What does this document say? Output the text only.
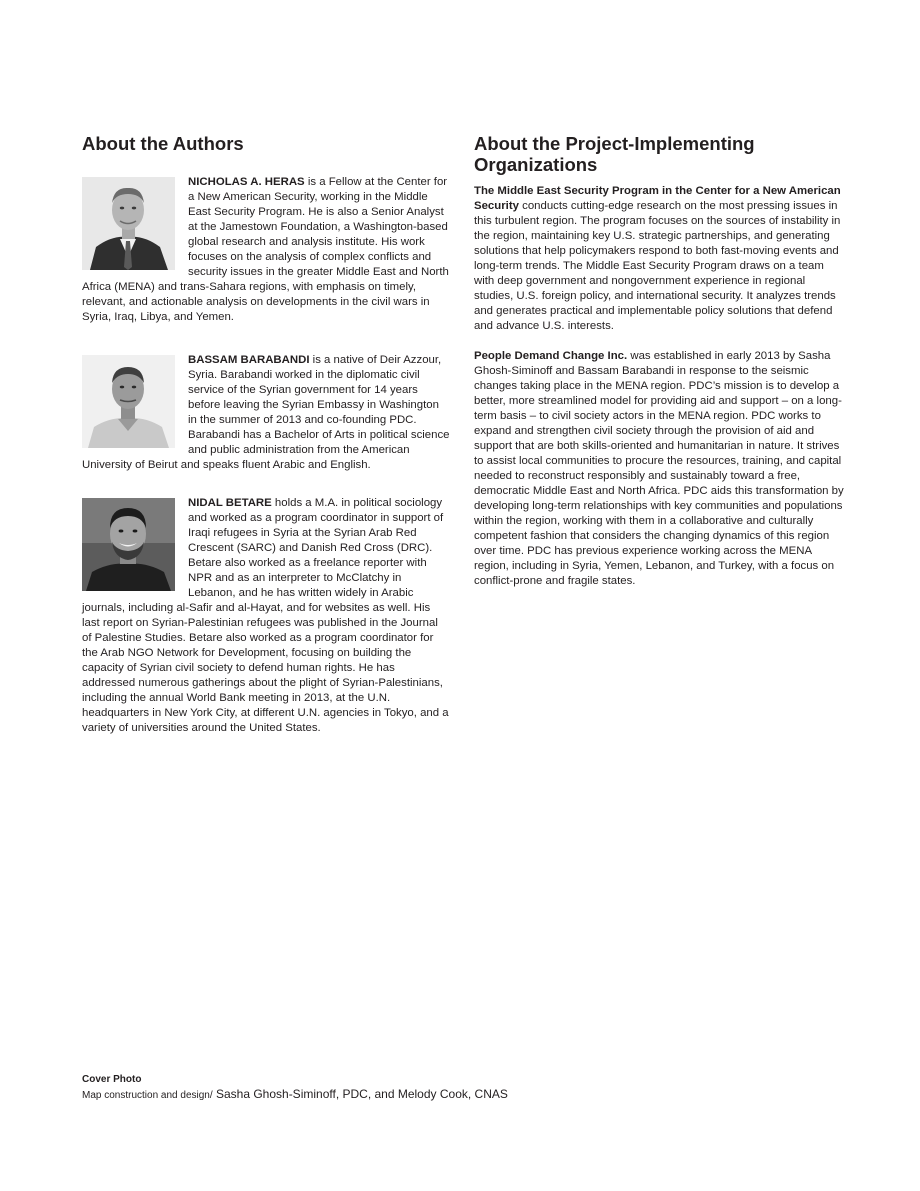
About the Authors

NICHOLAS A. HERAS is a Fellow at the Center for a New American Security, working in the Middle East Security Program. He is also a Senior Analyst at the Jamestown Foundation, a Washington-based global research and analysis institute. His work focuses on the analysis of complex conflicts and security issues in the greater Middle East and North Africa (MENA) and trans-Sahara regions, with emphasis on timely, relevant, and actionable analysis on developments in the civil wars in Syria, Iraq, Libya, and Yemen.

BASSAM BARABANDI is a native of Deir Azzour, Syria. Barabandi worked in the diplomatic civil service of the Syrian government for 14 years before leaving the Syrian Embassy in Washington in the summer of 2013 and co-founding PDC. Barabandi has a Bachelor of Arts in political science and public administration from the American University of Beirut and speaks fluent Arabic and English.

NIDAL BETARE holds a M.A. in political sociology and worked as a program coordinator in support of Iraqi refugees in Syria at the Syrian Arab Red Crescent (SARC) and Danish Red Cross (DRC). Betare also worked as a freelance reporter with NPR and as an interpreter to McClatchy in Lebanon, and he has written widely in Arabic journals, including al-Safir and al-Hayat, and for websites as well. His last report on Syrian-Palestinian refugees was published in the Journal of Palestine Studies. Betare also worked as a program coordinator for the Arab NGO Network for Development, focusing on building the capacity of Syrian civil society to defend human rights. He has addressed numerous gatherings about the plight of Syrian-Palestinians, including the annual World Bank meeting in 2013, at the U.N. headquarters in New York City, at different U.N. agencies in Tokyo, and a variety of universities around the United States.

About the Project-Implementing Organizations

The Middle East Security Program in the Center for a New American Security conducts cutting-edge research on the most pressing issues in this turbulent region. The program focuses on the sources of instability in the region, maintaining key U.S. strategic partnerships, and generating solutions that help policymakers respond to both fast-moving events and long-term trends. The Middle East Security Program draws on a team with deep government and nongovernment experience in regional studies, U.S. foreign policy, and international security. It analyzes trends and generates practical and implementable policy solutions that defend and advance U.S. interests.

People Demand Change Inc. was established in early 2013 by Sasha Ghosh-Siminoff and Bassam Barabandi in response to the seismic changes taking place in the MENA region. PDC’s mission is to develop a better, more streamlined model for providing aid and support – on a long-term basis – to civil society actors in the MENA region. PDC works to expand and strengthen civil society through the provision of aid and support that are both skills-oriented and humanitarian in nature. It strives to assist local communities to procure the resources, training, and capital needed to reconstruct responsibly and sustainably toward a free, democratic Middle East and North Africa. PDC aids this transformation by developing long-term relationships with key communities and populations within the region, working with them in a collaborative and culturally competent fashion that considers the changing dynamics of this region over time. PDC has previous experience working across the MENA region, including in Syria, Yemen, Lebanon, and Turkey, with a focus on conflict-prone and fragile states.

Cover Photo

Map construction and design/ Sasha Ghosh-Siminoff, PDC, and Melody Cook, CNAS
